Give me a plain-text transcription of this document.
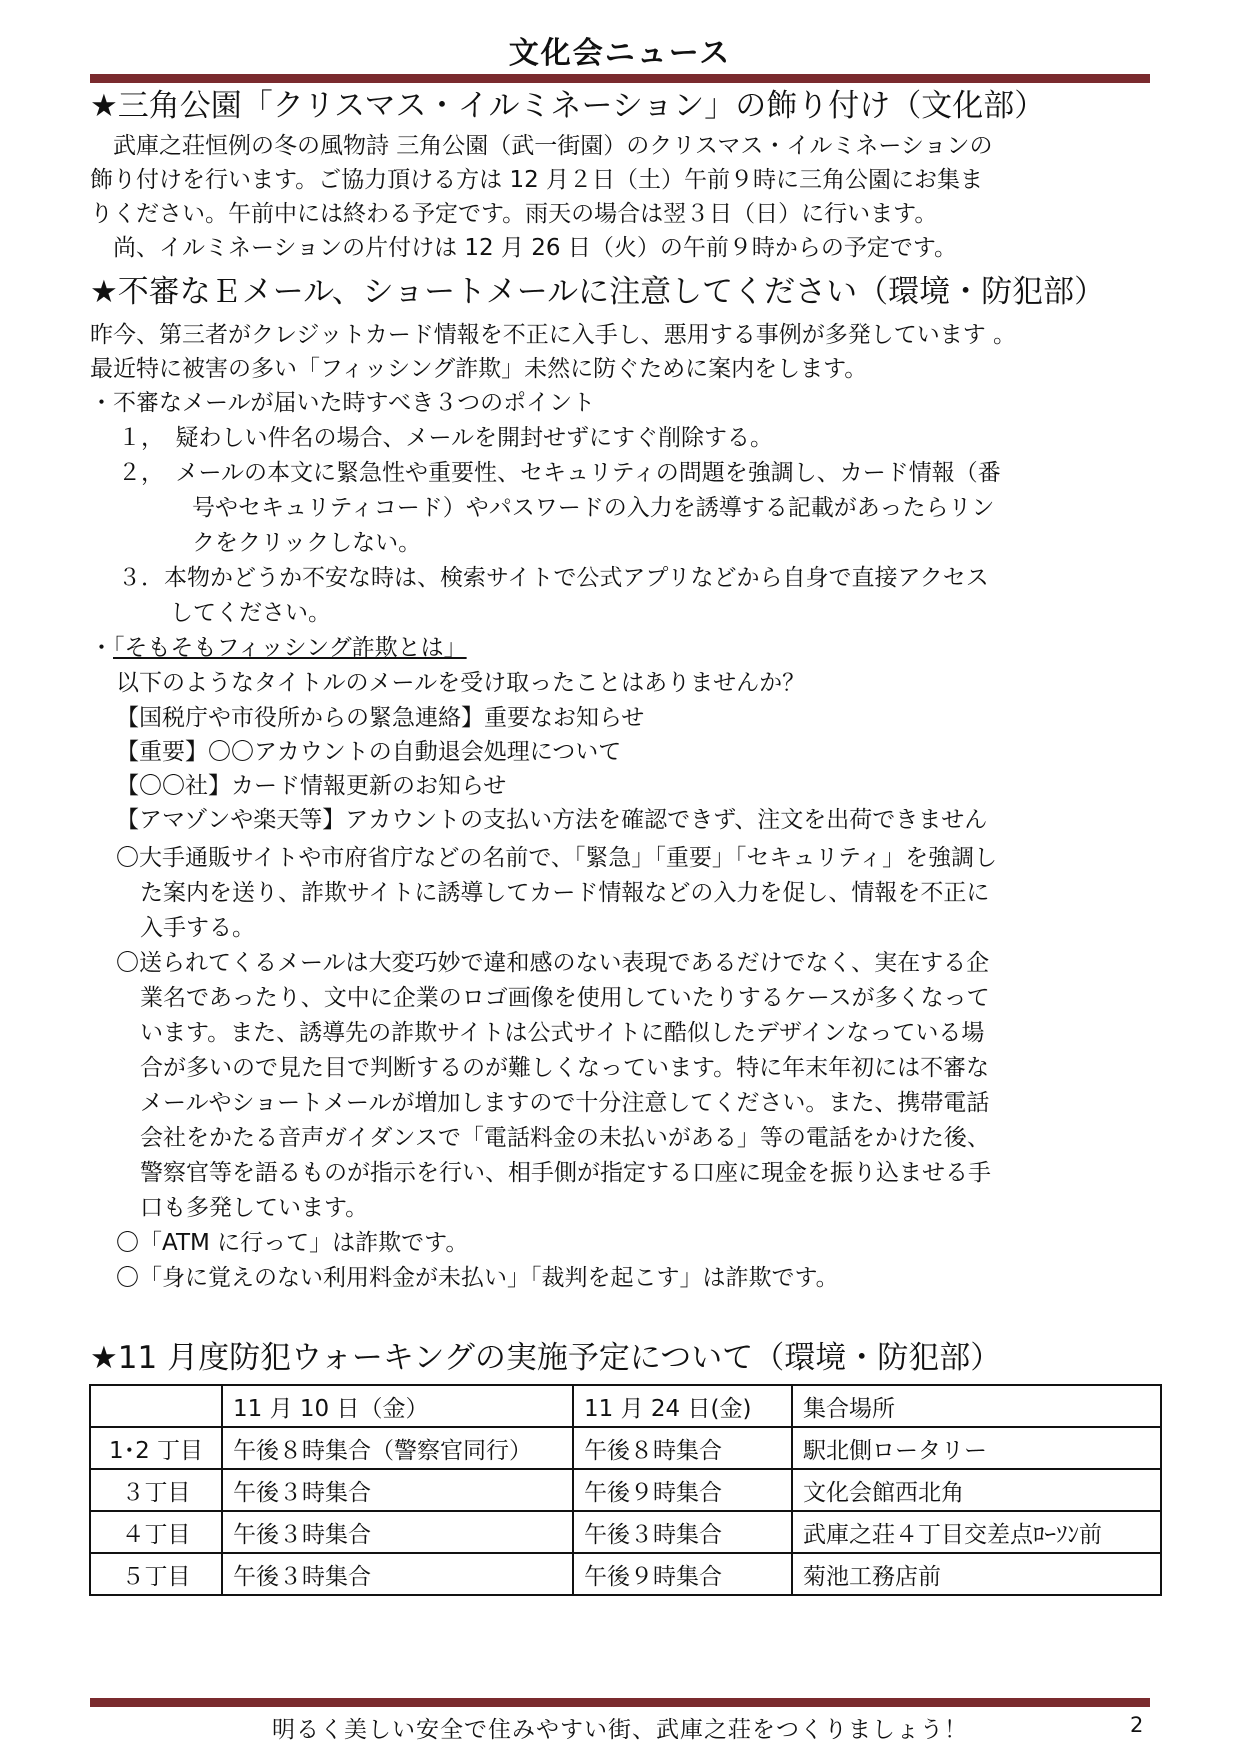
文化会ニュース
★三角公園「クリスマス・イルミネーション」の飾り付け（文化部）
　武庫之荘恒例の冬の風物詩 三角公園（武一街園）のクリスマス・イルミネーションの
飾り付けを行います。ご協力頂ける方は 12 月２日（土）午前９時に三角公園にお集ま
りください。午前中には終わる予定です。雨天の場合は翌３日（日）に行います。
　尚、イルミネーションの片付けは 12 月 26 日（火）の午前９時からの予定です。
★不審なＥメール、ショートメールに注意してください（環境・防犯部）
昨今、第三者がクレジットカード情報を不正に入手し、悪用する事例が多発しています 。
最近特に被害の多い「フィッシング詐欺」未然に防ぐために案内をします。
・不審なメールが届いた時すべき３つのポイント
１，　疑わしい件名の場合、メールを開封せずにすぐ削除する。
２，　メールの本文に緊急性や重要性、セキュリティの問題を強調し、カード情報（番
号やセキュリティコード）やパスワードの入力を誘導する記載があったらリン
クをクリックしない。
３．本物かどうか不安な時は、検索サイトで公式アプリなどから自身で直接アクセス
してください。
・「そもそもフィッシング詐欺とは」
以下のようなタイトルのメールを受け取ったことはありませんか？
【国税庁や市役所からの緊急連絡】重要なお知らせ
【重要】〇〇アカウントの自動退会処理について
【〇〇社】カード情報更新のお知らせ
【アマゾンや楽天等】アカウントの支払い方法を確認できず、注文を出荷できません
〇大手通販サイトや市府省庁などの名前で、「緊急」「重要」「セキュリティ」を強調し
た案内を送り、詐欺サイトに誘導してカード情報などの入力を促し、情報を不正に
入手する。
〇送られてくるメールは大変巧妙で違和感のない表現であるだけでなく、実在する企
業名であったり、文中に企業のロゴ画像を使用していたりするケースが多くなって
います。また、誘導先の詐欺サイトは公式サイトに酷似したデザインなっている場
合が多いので見た目で判断するのが難しくなっています。特に年末年初には不審な
メールやショートメールが増加しますので十分注意してください。また、携帯電話
会社をかたる音声ガイダンスで「電話料金の未払いがある」等の電話をかけた後、
警察官等を語るものが指示を行い、相手側が指定する口座に現金を振り込ませる手
口も多発しています。
〇「ATM に行って」は詐欺です。
〇「身に覚えのない利用料金が未払い」「裁判を起こす」は詐欺です。
★11 月度防犯ウォーキングの実施予定について（環境・防犯部）
	11 月 10 日（金）	11 月 24 日(金)	集合場所
1･2 丁目	午後８時集合（警察官同行）	午後８時集合	駅北側ロータリー
３丁目	午後３時集合	午後９時集合	文化会館西北角
４丁目	午後３時集合	午後３時集合	武庫之荘４丁目交差点ﾛｰｿﾝ前
５丁目	午後３時集合	午後９時集合	菊池工務店前
明るく美しい安全で住みやすい街、武庫之荘をつくりましょう！	2
